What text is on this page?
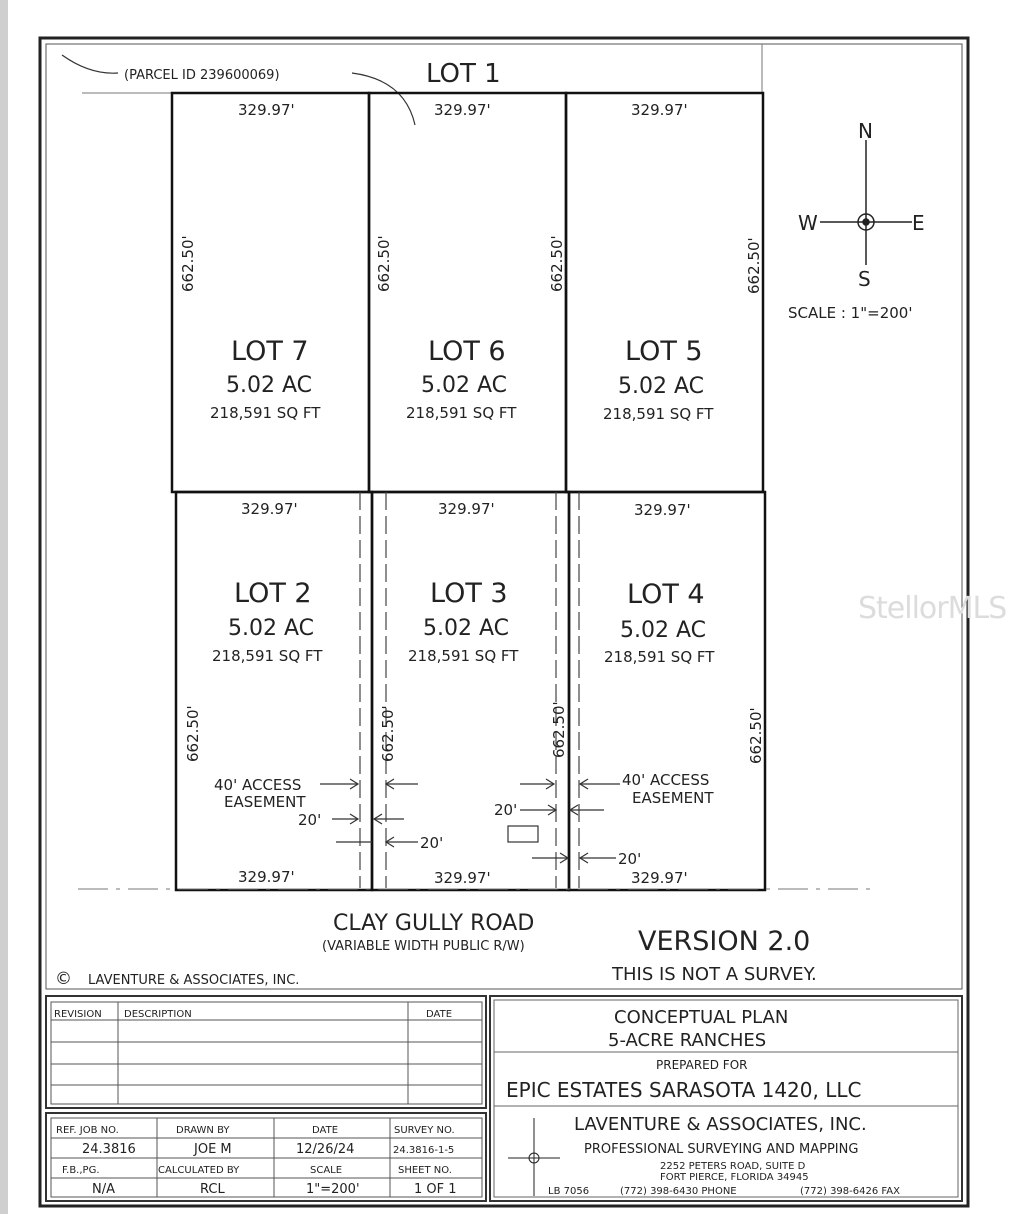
StellorMLS
(PARCEL ID 239600069)	LOT 1
329.97'	329.97'	329.97'
662.50'	662.50'	662.50'	662.50'
LOT 7
5.02 AC
218,591 SQ FT
LOT 6
5.02 AC
218,591 SQ FT
LOT 5
5.02 AC
218,591 SQ FT
329.97'	329.97'	329.97'
662.50'	662.50'	662.50'	662.50'
LOT 2
5.02 AC
218,591 SQ FT
LOT 3
5.02 AC
218,591 SQ FT
LOT 4
5.02 AC
218,591 SQ FT
329.97'	329.97'	329.97'
40' ACCESS
EASEMENT
40' ACCESS
EASEMENT
20'
20'
20'
20'
N
S
W	E
SCALE : 1"=200'
CLAY GULLY ROAD
(VARIABLE WIDTH PUBLIC R/W)	VERSION 2.0
THIS IS NOT A SURVEY.
© LAVENTURE & ASSOCIATES, INC.
REVISION DESCRIPTION	DATE
REF. JOB NO.	DRAWN BY	DATE	SURVEY NO.
24.3816	JOE M	12/26/24	24.3816-1-5
F.B.,PG.	CALCULATED BY	SCALE	SHEET NO.
N/A	RCL	1"=200'	1 OF 1
CONCEPTUAL PLAN
5-ACRE RANCHES
PREPARED FOR
EPIC ESTATES SARASOTA 1420, LLC
LAVENTURE & ASSOCIATES, INC.
PROFESSIONAL SURVEYING AND MAPPING
2252 PETERS ROAD, SUITE D
FORT PIERCE, FLORIDA 34945
LB 7056	(772) 398-6430 PHONE	(772) 398-6426 FAX
